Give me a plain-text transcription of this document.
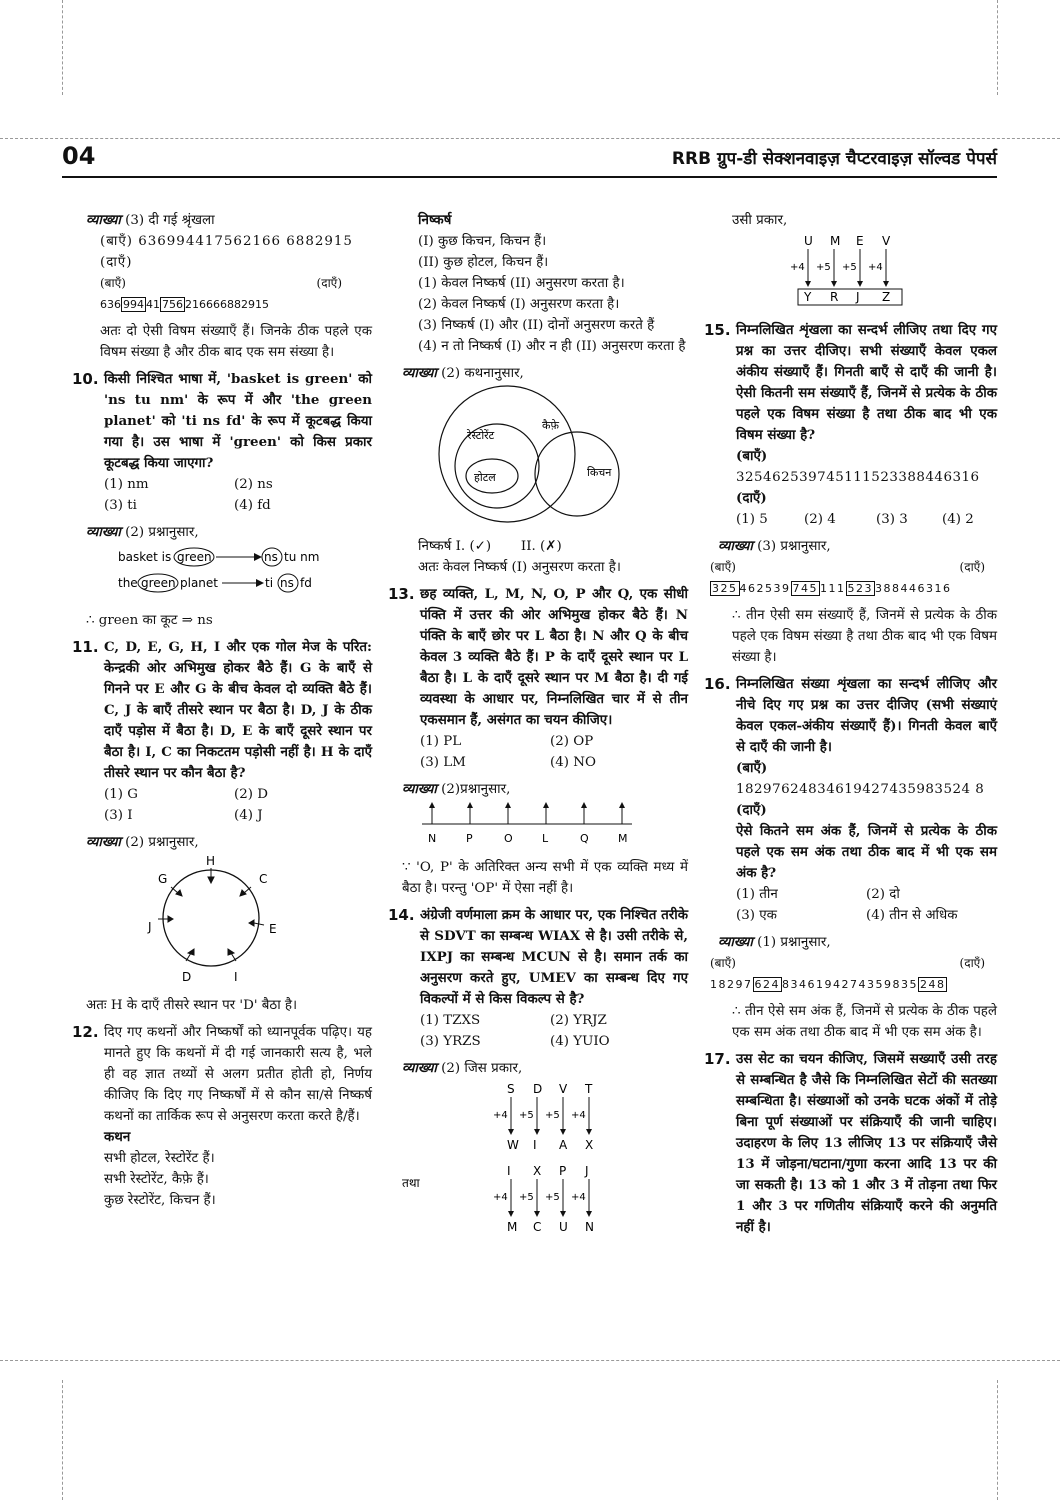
04	RRB ग्रुप-डी सेक्शनवाइज़ चैप्टरवाइज़ सॉल्वड पेपर्स
व्याख्या (3) दी गई श्रृंखला
(बाएँ) 636994417562166 6882915 (दाएँ)
(बाएँ)	(दाएँ)
636 994 41 756 216666882915
अतः दो ऐसी विषम संख्याएँ हैं। जिनके ठीक पहले एक विषम संख्या है और ठीक बाद एक सम संख्या है।
10. किसी निश्चित भाषा में, 'basket is green' को 'ns tu nm' के रूप में और 'the green planet' को 'ti ns fd' के रूप में कूटबद्ध किया गया है। उस भाषा में 'green' को किस प्रकार कूटबद्ध किया जाएगा?
(1) nm	(2) ns
(3) ti	(4) fd
व्याख्या (2) प्रश्नानुसार,
basket is green	ns tu nm
the green planet	ti ns fd
∴ green का कूट ⇒ ns
11. C, D, E, G, H, I और एक गोल मेज के परित: केन्द्रकी ओर अभिमुख होकर बैठे हैं। G के बाएँ से गिनने पर E और G के बीच केवल दो व्यक्ति बैठे हैं। C, J के बाएँ तीसरे स्थान पर बैठा है। D, J के ठीक दाएँ पड़ोस में बैठा है। D, E के बाएँ दूसरे स्थान पर बैठा है। I, C का निकटतम पड़ोसी नहीं है। H के दाएँ तीसरे स्थान पर कौन बैठा है?
(1) G	(2) D
(3) I	(4) J
व्याख्या (2) प्रश्नानुसार,
H
C
E
I
D
J
G
अतः H के दाएँ तीसरे स्थान पर 'D' बैठा है।
12. दिए गए कथनों और निष्कर्षों को ध्यानपूर्वक पढ़िए। यह मानते हुए कि कथनों में दी गई जानकारी सत्य है, भले ही वह ज्ञात तथ्यों से अलग प्रतीत होती हो, निर्णय कीजिए कि दिए गए निष्कर्षों में से कौन सा/से निष्कर्ष कथनों का तार्किक रूप से अनुसरण करता करते है/हैं।
कथन
सभी होटल, रेस्टोरेंट हैं।
सभी रेस्टोरेंट, कैफ़े हैं।
कुछ रेस्टोरेंट, किचन हैं।
निष्कर्ष
(I) कुछ किचन, किचन हैं।
(II) कुछ होटल, किचन हैं।
(1) केवल निष्कर्ष (II) अनुसरण करता है।
(2) केवल निष्कर्ष (I) अनुसरण करता है।
(3) निष्कर्ष (I) और (II) दोनों अनुसरण करते हैं
(4) न तो निष्कर्ष (I) और न ही (II) अनुसरण करता है
व्याख्या (2) कथनानुसार,
कैफ़े
रेस्टोरेंट
होटल	किचन
निष्कर्ष I. (✓)       II. (✗)
अतः केवल निष्कर्ष (I) अनुसरण करता है।
13. छह व्यक्ति, L, M, N, O, P और Q, एक सीधी पंक्ति में उत्तर की ओर अभिमुख होकर बैठे हैं। N पंक्ति के बाएँ छोर पर L बैठा है। N और Q के बीच केवल 3 व्यक्ति बैठे हैं। P के दाएँ दूसरे स्थान पर L बैठा है। L के दाएँ दूसरे स्थान पर M बैठा है। दी गई व्यवस्था के आधार पर, निम्नलिखित चार में से तीन एकसमान हैं, असंगत का चयन कीजिए।
(1) PL	(2) OP
(3) LM	(4) NO
व्याख्या (2)प्रश्नानुसार,
N	P	O	L	Q	M
∵ 'O, P' के अतिरिक्त अन्य सभी में एक व्यक्ति मध्य में बैठा है। परन्तु 'OP' में ऐसा नहीं है।
14. अंग्रेजी वर्णमाला क्रम के आधार पर, एक निश्चित तरीके से SDVT का सम्बन्ध WIAX से है। उसी तरीके से, IXPJ का सम्बन्ध MCUN से है। समान तर्क का अनुसरण करते हुए, UMEV का सम्बन्ध दिए गए विकल्पों में से किस विकल्प से है?
(1) TZXS	(2) YRJZ
(3) YRZS	(4) YUIO
व्याख्या (2) जिस प्रकार,
तथा
S D V T
+4 +5 +5 +4
W I A X
I X P J
+4 +5 +5 +4
M C U N
उसी प्रकार,
U M E V
+4 +5 +5 +4
Y R J Z
15. निम्नलिखित शृंखला का सन्दर्भ लीजिए तथा दिए गए प्रश्न का उत्तर दीजिए। सभी संख्याएँ केवल एकल अंकीय संख्याएँ हैं। गिनती बाएँ से दाएँ की जानी है। ऐसी कितनी सम संख्याएँ हैं, जिनमें से प्रत्येक के ठीक पहले एक विषम संख्या है तथा ठीक बाद भी एक विषम संख्या है?
(बाएँ)
325462539745111523388446316
(दाएँ)
(1) 5	(2) 4	(3) 3	(4) 2
व्याख्या (3) प्रश्नानुसार,
(बाएँ)	(दाएँ)
325 462539 745 111 523 388446316
∴ तीन ऐसी सम संख्याएँ हैं, जिनमें से प्रत्येक के ठीक पहले एक विषम संख्या है तथा ठीक बाद भी एक विषम संख्या है।
16. निम्नलिखित संख्या शृंखला का सन्दर्भ लीजिए और नीचे दिए गए प्रश्न का उत्तर दीजिए (सभी संख्याएं केवल एकल-अंकीय संख्याएँ हैं)। गिनती केवल बाएँ से दाएँ की जानी है।
(बाएँ)
18297624834619427435983524 8
(दाएँ)
ऐसे कितने सम अंक हैं, जिनमें से प्रत्येक के ठीक पहले एक सम अंक तथा ठीक बाद में भी एक सम अंक है?
(1) तीन	(2) दो
(3) एक	(4) तीन से अधिक
व्याख्या (1) प्रश्नानुसार,
(बाएँ)	(दाएँ)
18297 624 8346194274359835 248
∴ तीन ऐसे सम अंक हैं, जिनमें से प्रत्येक के ठीक पहले एक सम अंक तथा ठीक बाद में भी एक सम अंक है।
17. उस सेट का चयन कीजिए, जिसमें सख्याएँ उसी तरह से सम्बन्धित है जैसे कि निम्नलिखित सेटों की सतख्या सम्बन्धिता है। संख्याओं को उनके घटक अंकों में तोड़े बिना पूर्ण संख्याओं पर संक्रियाएँ की जानी चाहिए। उदाहरण के लिए 13 लीजिए 13 पर संक्रियाएँ जैसे 13 में जोड़ना/घटाना/गुणा करना आदि 13 पर की जा सकती है। 13 को 1 और 3 में तोड़ना तथा फिर 1 और 3 पर गणितीय संक्रियाएँ करने की अनुमति नहीं है।
